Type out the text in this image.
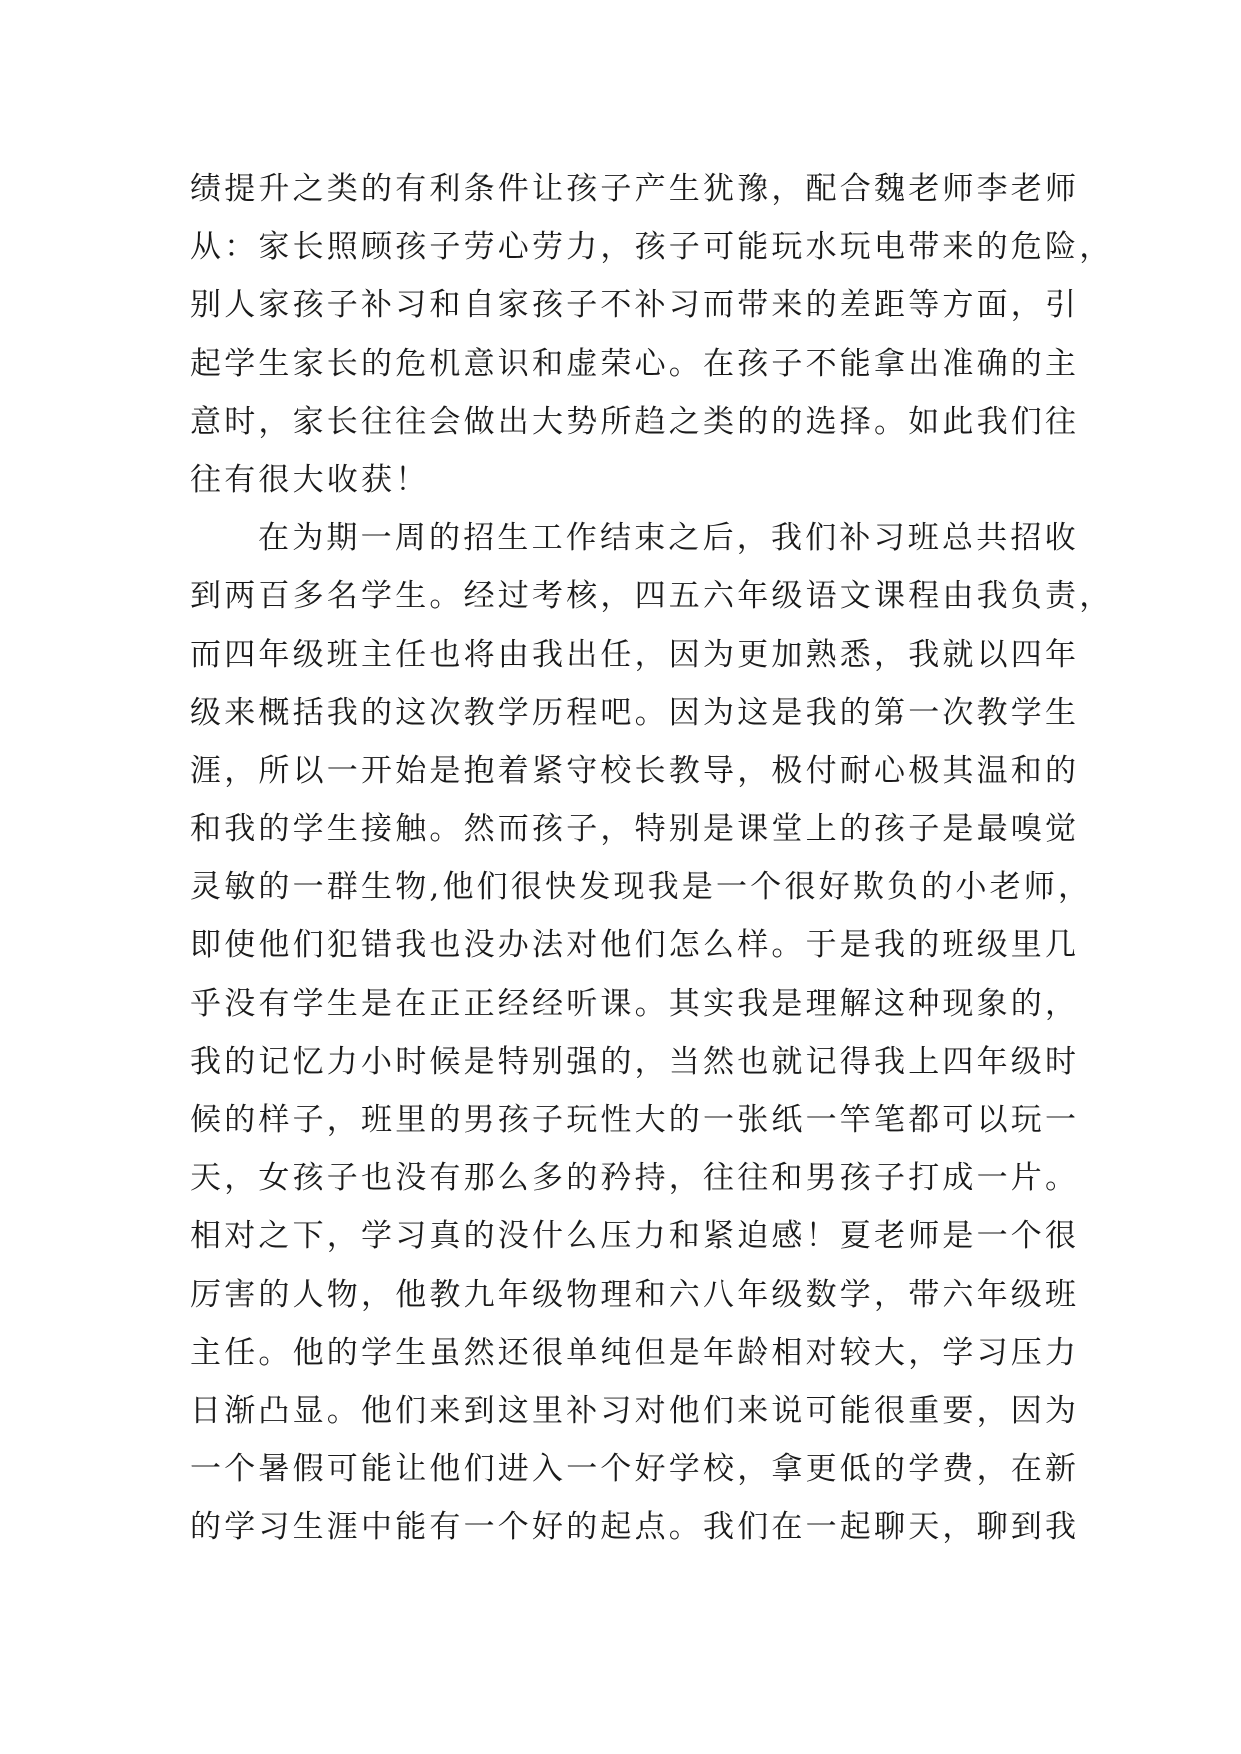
绩提升之类的有利条件让孩子产生犹豫，配合魏老师李老师
从：家长照顾孩子劳心劳力，孩子可能玩水玩电带来的危险，
别人家孩子补习和自家孩子不补习而带来的差距等方面，引
起学生家长的危机意识和虚荣心。在孩子不能拿出准确的主
意时，家长往往会做出大势所趋之类的的选择。如此我们往
往有很大收获！
在为期一周的招生工作结束之后，我们补习班总共招收
到两百多名学生。经过考核，四五六年级语文课程由我负责，
而四年级班主任也将由我出任，因为更加熟悉，我就以四年
级来概括我的这次教学历程吧。因为这是我的第一次教学生
涯，所以一开始是抱着紧守校长教导，极付耐心极其温和的
和我的学生接触。然而孩子，特别是课堂上的孩子是最嗅觉
灵敏的一群生物,他们很快发现我是一个很好欺负的小老师，
即使他们犯错我也没办法对他们怎么样。于是我的班级里几
乎没有学生是在正正经经听课。其实我是理解这种现象的，
我的记忆力小时候是特别强的，当然也就记得我上四年级时
候的样子，班里的男孩子玩性大的一张纸一竿笔都可以玩一
天，女孩子也没有那么多的矜持，往往和男孩子打成一片。
相对之下，学习真的没什么压力和紧迫感！夏老师是一个很
厉害的人物，他教九年级物理和六八年级数学，带六年级班
主任。他的学生虽然还很单纯但是年龄相对较大，学习压力
日渐凸显。他们来到这里补习对他们来说可能很重要，因为
一个暑假可能让他们进入一个好学校，拿更低的学费，在新
的学习生涯中能有一个好的起点。我们在一起聊天，聊到我
